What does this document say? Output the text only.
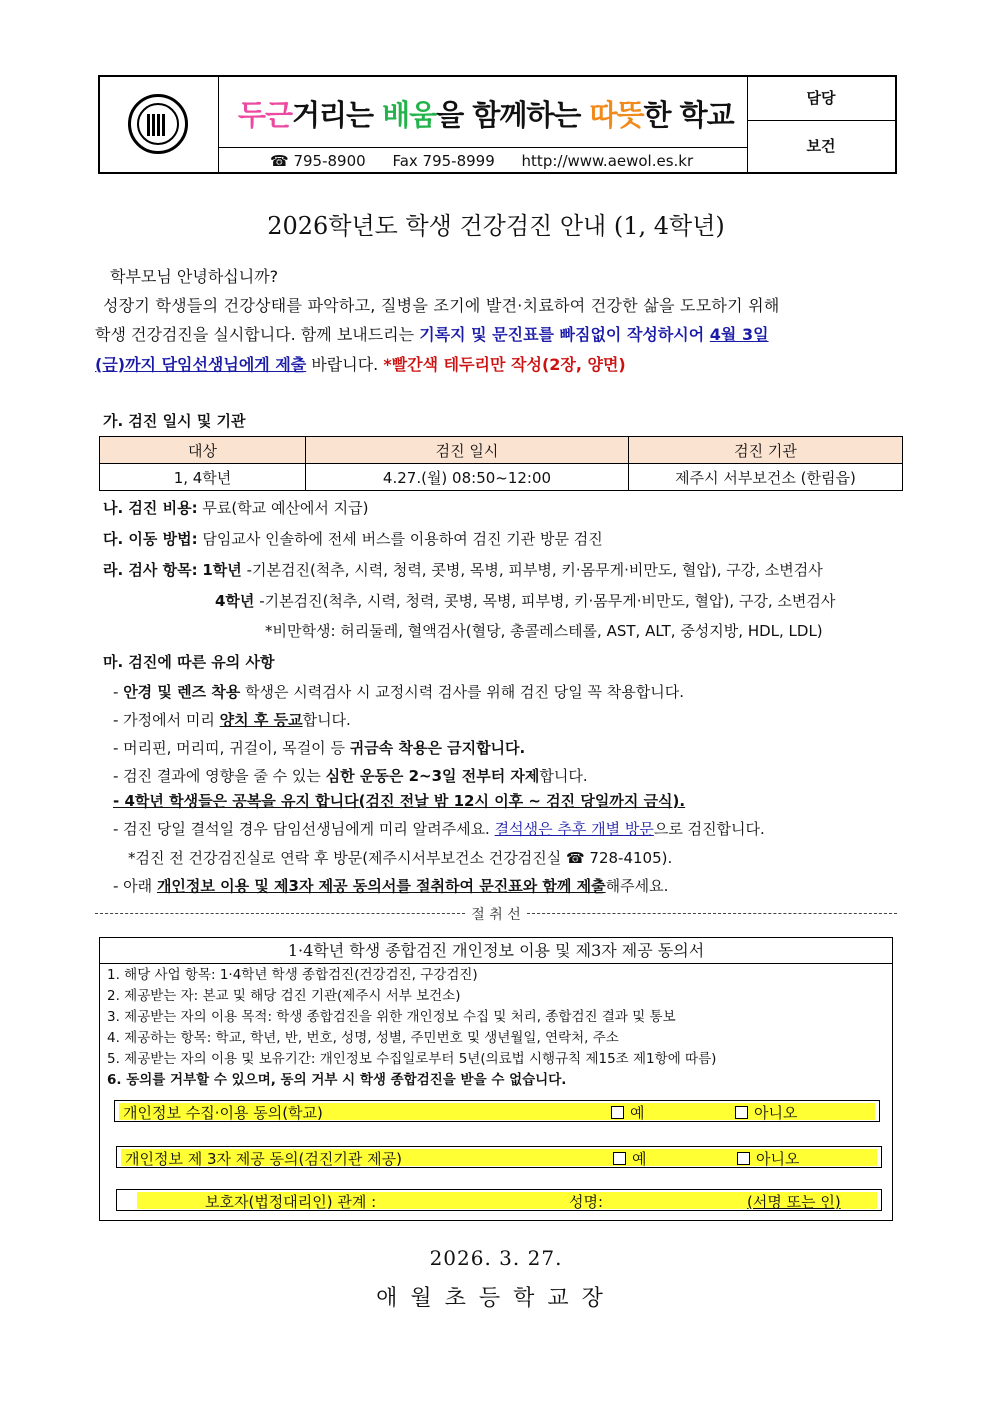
두근거리는 배움을 함께하는 따뜻한 학교
☎ 795-8900 Fax 795-8999 http://www.aewol.es.kr
담당
보건
2026학년도 학생 건강검진 안내 (1, 4학년)
학부모님 안녕하십니까?
성장기 학생들의 건강상태를 파악하고, 질병을 조기에 발견·치료하여 건강한 삶을 도모하기 위해
학생 건강검진을 실시합니다. 함께 보내드리는 기록지 및 문진표를 빠짐없이 작성하시어 4월 3일
(금)까지 담임선생님에게 제출 바랍니다. *빨간색 테두리만 작성(2장, 양면)
가. 검진 일시 및 기관
대상	검진 일시	검진 기관
1, 4학년	4.27.(월) 08:50~12:00	제주시 서부보건소 (한림읍)
나. 검진 비용: 무료(학교 예산에서 지급)
다. 이동 방법: 담임교사 인솔하에 전세 버스를 이용하여 검진 기관 방문 검진
라. 검사 항목: 1학년 -기본검진(척추, 시력, 청력, 콧병, 목병, 피부병, 키·몸무게·비만도, 혈압), 구강, 소변검사
4학년 -기본검진(척추, 시력, 청력, 콧병, 목병, 피부병, 키·몸무게·비만도, 혈압), 구강, 소변검사
*비만학생: 허리둘레, 혈액검사(혈당, 총콜레스테롤, AST, ALT, 중성지방, HDL, LDL)
마. 검진에 따른 유의 사항
- 안경 및 렌즈 착용 학생은 시력검사 시 교정시력 검사를 위해 검진 당일 꼭 착용합니다.
- 가정에서 미리 양치 후 등교합니다.
- 머리핀, 머리띠, 귀걸이, 목걸이 등 귀금속 착용은 금지합니다.
- 검진 결과에 영향을 줄 수 있는 심한 운동은 2~3일 전부터 자제합니다.
- 4학년 학생들은 공복을 유지 합니다(검진 전날 밤 12시 이후 ~ 검진 당일까지 금식).
- 검진 당일 결석일 경우 담임선생님에게 미리 알려주세요. 결석생은 추후 개별 방문으로 검진합니다.
*검진 전 건강검진실로 연락 후 방문(제주시서부보건소 건강검진실 ☎ 728-4105).
- 아래 개인정보 이용 및 제3자 제공 동의서를 절취하여 문진표와 함께 제출해주세요.
절 취 선
1·4학년 학생 종합검진 개인정보 이용 및 제3자 제공 동의서
1. 해당 사업 항목: 1·4학년 학생 종합검진(건강검진, 구강검진)
2. 제공받는 자: 본교 및 해당 검진 기관(제주시 서부 보건소)
3. 제공받는 자의 이용 목적: 학생 종합검진을 위한 개인정보 수집 및 처리, 종합검진 결과 및 통보
4. 제공하는 항목: 학교, 학년, 반, 번호, 성명, 성별, 주민번호 및 생년월일, 연락처, 주소
5. 제공받는 자의 이용 및 보유기간: 개인정보 수집일로부터 5년(의료법 시행규칙 제15조 제1항에 따름)
6. 동의를 거부할 수 있으며, 동의 거부 시 학생 종합검진을 받을 수 없습니다.
개인정보 수집·이용 동의(학교)	예	아니오
개인정보 제 3자 제공 동의(검진기관 제공)	예	아니오
보호자(법정대리인) 관계 :	성명:	(서명 또는 인)
2026. 3. 27.
애월초등학교장
